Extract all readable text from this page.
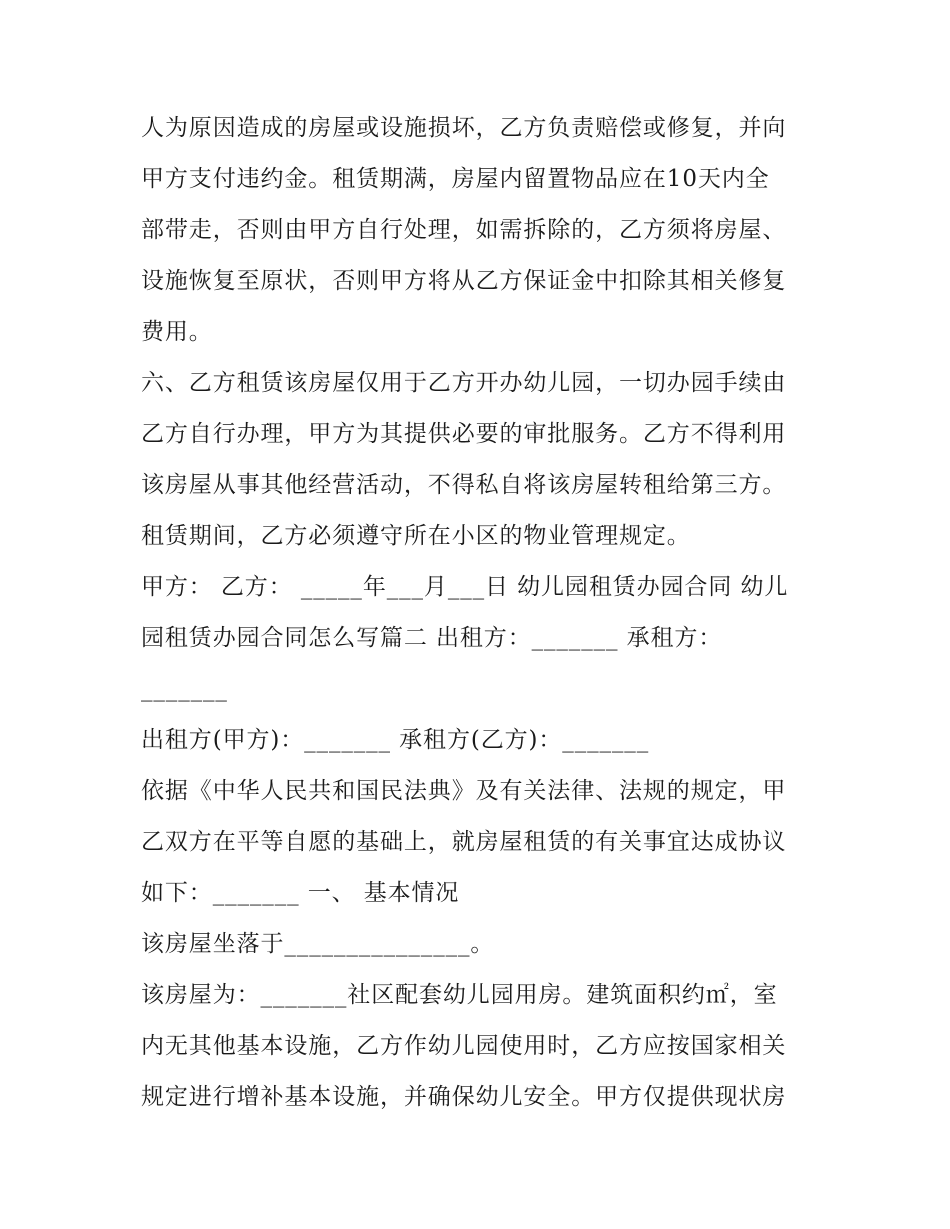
人为原因造成的房屋或设施损坏，乙方负责赔偿或修复，并向
甲方支付违约金。租赁期满，房屋内留置物品应在10天内全
部带走，否则由甲方自行处理，如需拆除的，乙方须将房屋、
设施恢复至原状，否则甲方将从乙方保证金中扣除其相关修复
费用。
六、乙方租赁该房屋仅用于乙方开办幼儿园，一切办园手续由
乙方自行办理，甲方为其提供必要的审批服务。乙方不得利用
该房屋从事其他经营活动，不得私自将该房屋转租给第三方。
租赁期间，乙方必须遵守所在小区的物业管理规定。
甲方： 乙方： _____年___月___日 幼儿园租赁办园合同 幼儿
园租赁办园合同怎么写篇二 出租方：_______ 承租方：
_______
出租方(甲方)：_______ 承租方(乙方)：_______
依据《中华人民共和国民法典》及有关法律、法规的规定，甲
乙双方在平等自愿的基础上，就房屋租赁的有关事宜达成协议
如下：_______ 一、 基本情况
该房屋坐落于_______________。
该房屋为：_______社区配套幼儿园用房。建筑面积约㎡，室
内无其他基本设施，乙方作幼儿园使用时，乙方应按国家相关
规定进行增补基本设施，并确保幼儿安全。甲方仅提供现状房
